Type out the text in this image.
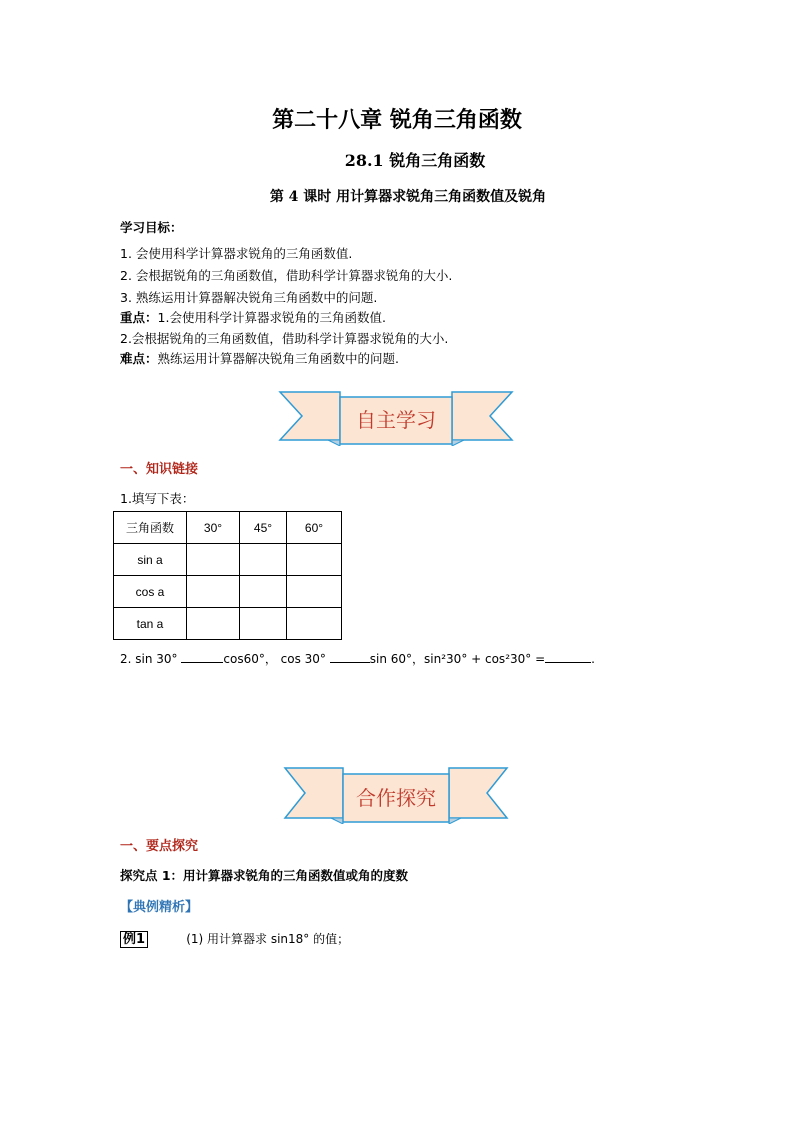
第二十八章 锐角三角函数
28.1 锐角三角函数
第 4 课时 用计算器求锐角三角函数值及锐角
学习目标：
1. 会使用科学计算器求锐角的三角函数值.
2. 会根据锐角的三角函数值，借助科学计算器求锐角的大小.
3. 熟练运用计算器解决锐角三角函数中的问题.
重点：1.会使用科学计算器求锐角的三角函数值.
2.会根据锐角的三角函数值，借助科学计算器求锐角的大小.
难点：熟练运用计算器解决锐角三角函数中的问题.
自主学习
一、知识链接
1.填写下表：
三角函数	30°	45°	60°
sin a			
cos a			
tan a			
2. sin 30°	cos60°， cos 30°	sin 60°，sin²30° + cos²30° =	.
合作探究
一、要点探究
探究点 1：用计算器求锐角的三角函数值或角的度数
【典例精析】
例1	(1) 用计算器求 sin18° 的值；
